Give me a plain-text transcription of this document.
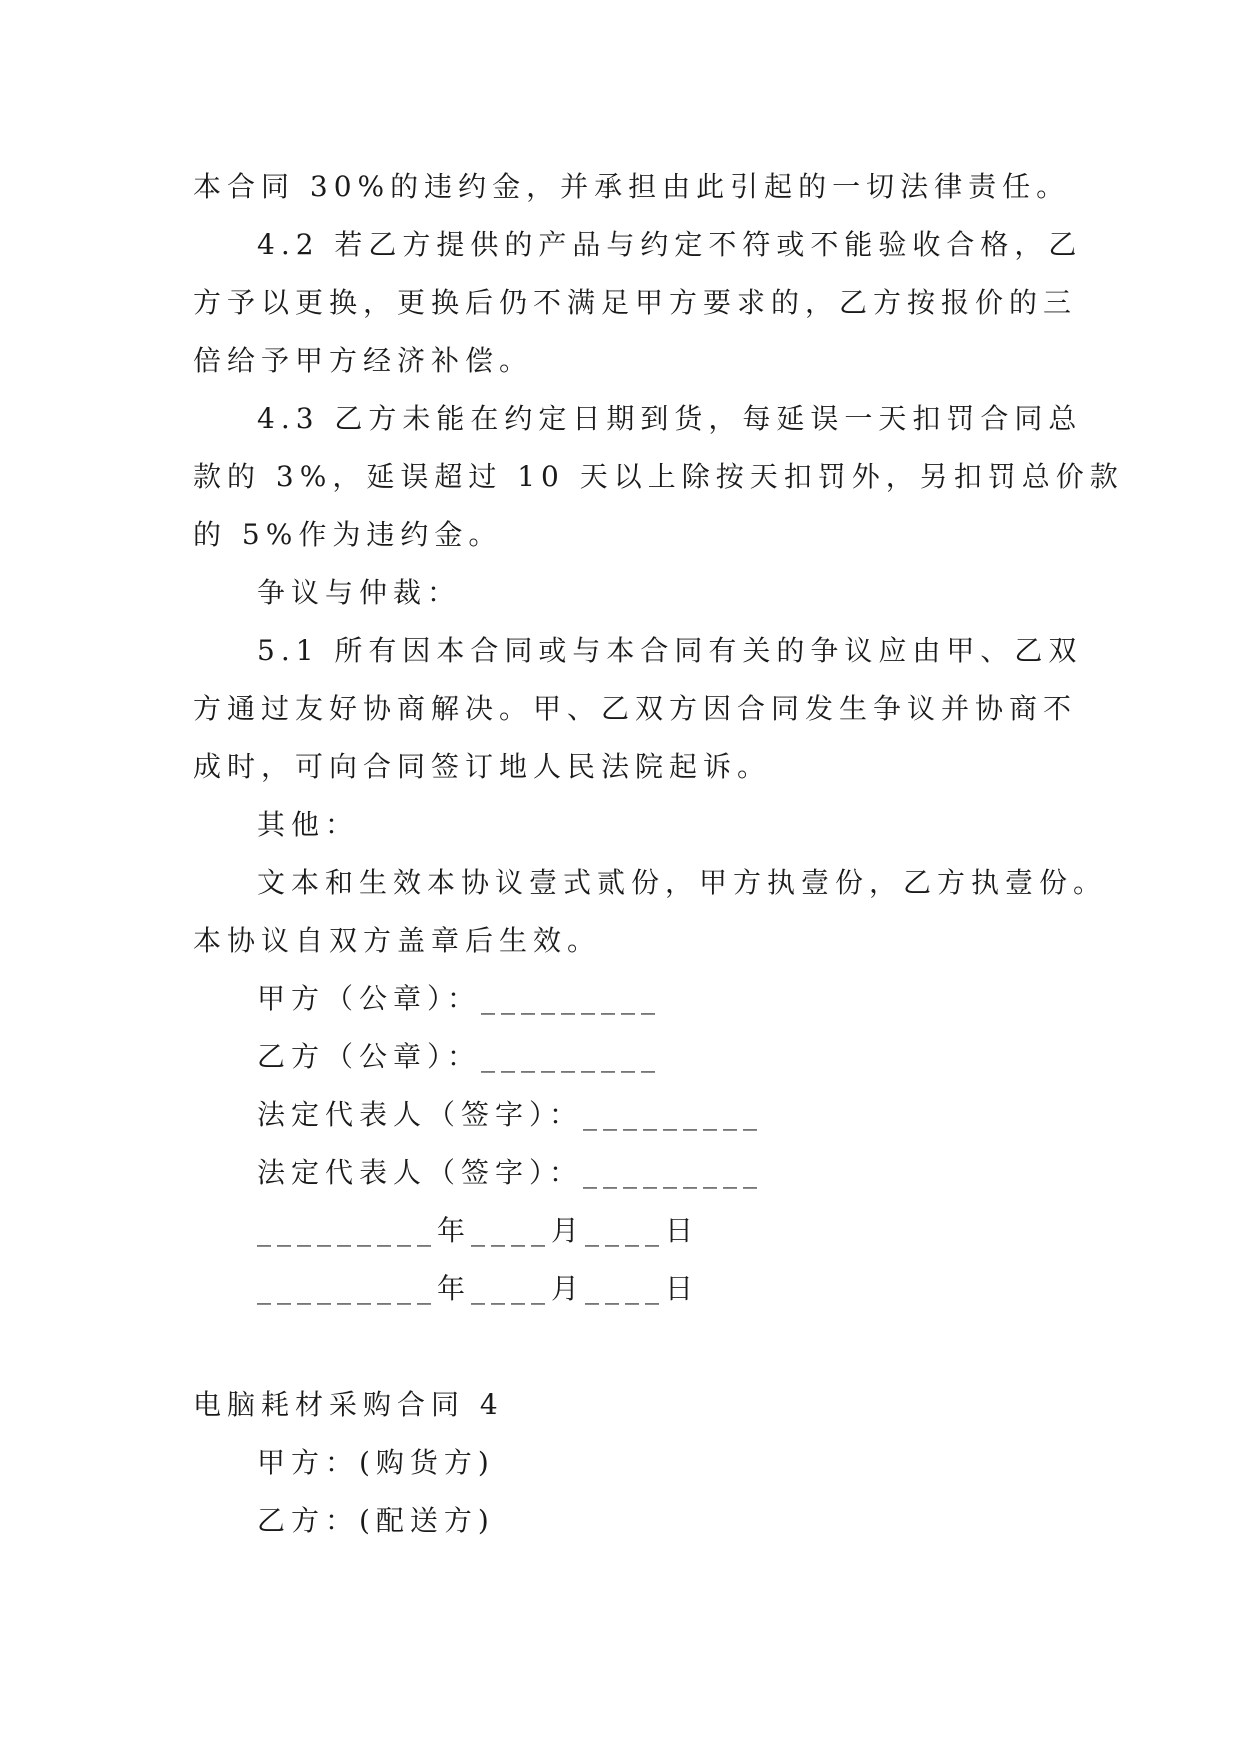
本合同 30%的违约金，并承担由此引起的一切法律责任。
4.2 若乙方提供的产品与约定不符或不能验收合格，乙
方予以更换，更换后仍不满足甲方要求的，乙方按报价的三
倍给予甲方经济补偿。
4.3 乙方未能在约定日期到货，每延误一天扣罚合同总
款的 3%，延误超过 10 天以上除按天扣罚外，另扣罚总价款
的 5%作为违约金。
争议与仲裁：
5.1 所有因本合同或与本合同有关的争议应由甲、乙双
方通过友好协商解决。甲、乙双方因合同发生争议并协商不
成时，可向合同签订地人民法院起诉。
其他：
文本和生效本协议壹式贰份，甲方执壹份，乙方执壹份。
本协议自双方盖章后生效。
甲方（公章）：_________
乙方（公章）：_________
法定代表人（签字）：_________
法定代表人（签字）：_________
_________年____月____日
_________年____月____日
电脑耗材采购合同 4
甲方：(购货方)
乙方：(配送方)
